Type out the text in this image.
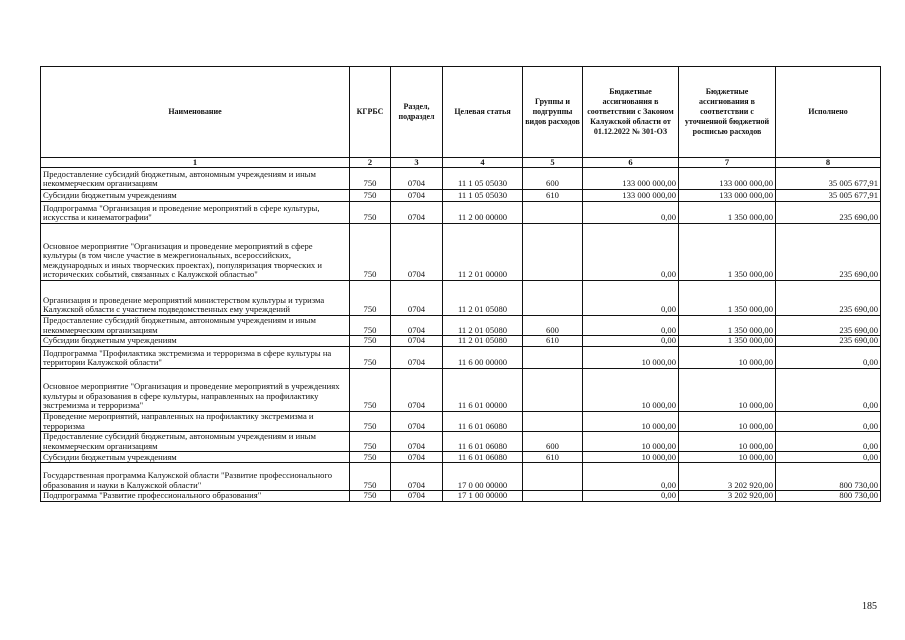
Наименование	КГРБС	Раздел, подраздел	Целевая статья	Группы и подгруппы видов расходов	Бюджетные ассигнования в соответствии с Законом Калужской области от 01.12.2022 № 301-ОЗ	Бюджетные ассигнования в соответствии с уточненной бюджетной росписью расходов	Исполнено
1	2	3	4	5	6	7	8
Предоставление субсидий бюджетным, автономным учреждениям и иным некоммерческим организациям	750	0704	11 1 05 05030	600	133 000 000,00	133 000 000,00	35 005 677,91
Субсидии бюджетным учреждениям	750	0704	11 1 05 05030	610	133 000 000,00	133 000 000,00	35 005 677,91
Подпрограмма "Организация и проведение мероприятий в сфере культуры, искусства и кинематографии"	750	0704	11 2 00 00000		0,00	1 350 000,00	235 690,00
Основное мероприятие "Организация и проведение мероприятий в сфере культуры (в том числе участие в межрегиональных, всероссийских, международных и иных творческих проектах), популяризация творческих и исторических событий, связанных с Калужской областью"	750	0704	11 2 01 00000		0,00	1 350 000,00	235 690,00
Организация и проведение мероприятий министерством культуры и туризма Калужской области с участием подведомственных ему учреждений	750	0704	11 2 01 05080		0,00	1 350 000,00	235 690,00
Предоставление субсидий бюджетным, автономным учреждениям и иным некоммерческим организациям	750	0704	11 2 01 05080	600	0,00	1 350 000,00	235 690,00
Субсидии бюджетным учреждениям	750	0704	11 2 01 05080	610	0,00	1 350 000,00	235 690,00
Подпрограмма "Профилактика экстремизма и терроризма в сфере культуры на территории Калужской области"	750	0704	11 6 00 00000		10 000,00	10 000,00	0,00
Основное мероприятие "Организация и проведение мероприятий в учреждениях культуры и образования в сфере культуры, направленных на профилактику экстремизма и терроризма"	750	0704	11 6 01 00000		10 000,00	10 000,00	0,00
Проведение мероприятий, направленных на профилактику экстремизма и терроризма	750	0704	11 6 01 06080		10 000,00	10 000,00	0,00
Предоставление субсидий бюджетным, автономным учреждениям и иным некоммерческим организациям	750	0704	11 6 01 06080	600	10 000,00	10 000,00	0,00
Субсидии бюджетным учреждениям	750	0704	11 6 01 06080	610	10 000,00	10 000,00	0,00
Государственная программа Калужской области "Развитие профессионального образования и науки в Калужской области"	750	0704	17 0 00 00000		0,00	3 202 920,00	800 730,00
Подпрограмма "Развитие профессионального образования"	750	0704	17 1 00 00000		0,00	3 202 920,00	800 730,00
185
